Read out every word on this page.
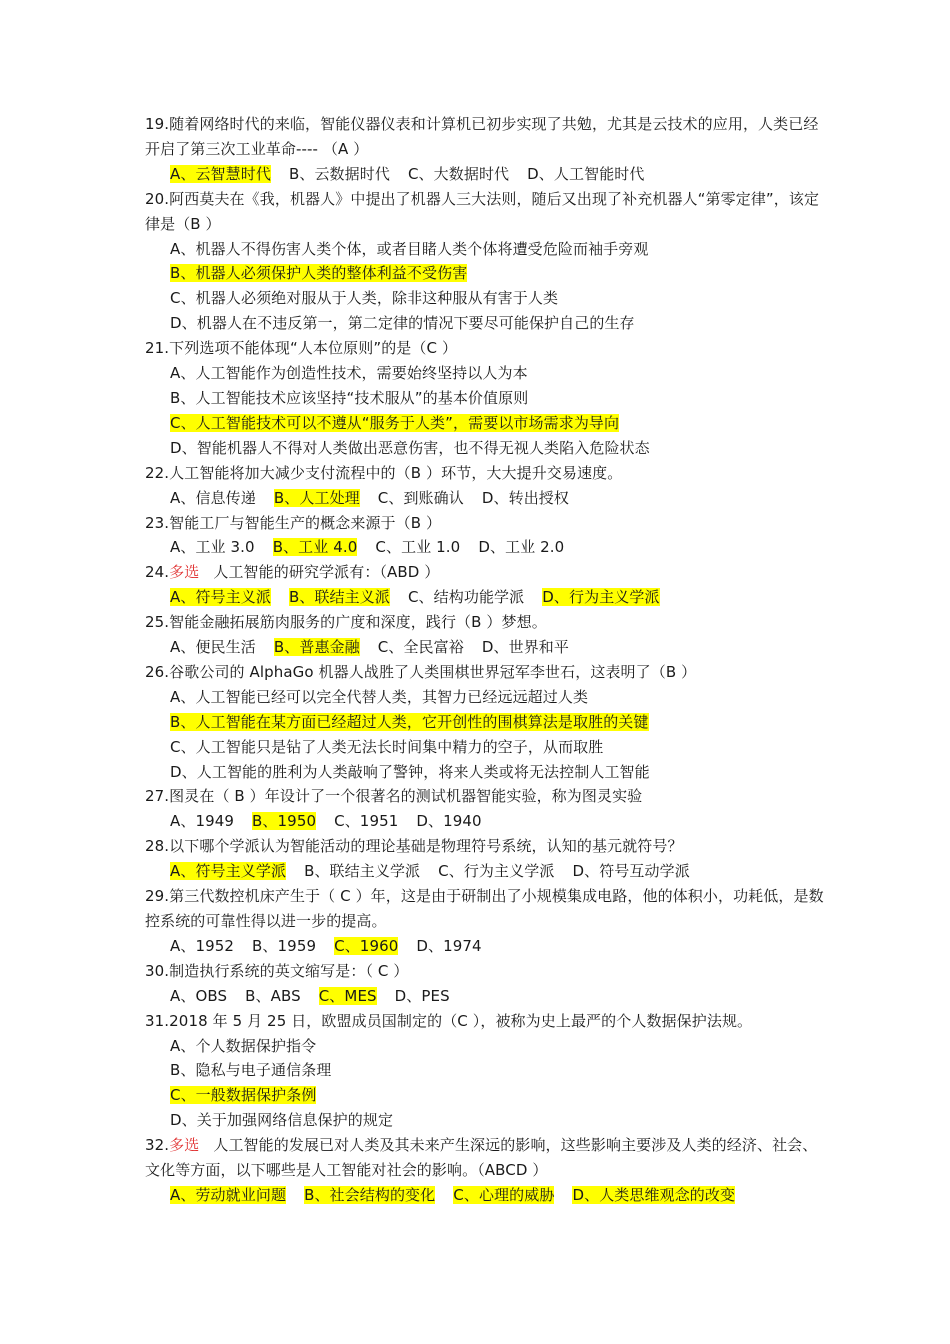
19.随着网络时代的来临，智能仪器仪表和计算机已初步实现了共勉，尤其是云技术的应用，人类已经开启了第三次工业革命---- （A ）
A、云智慧时代 B、云数据时代 C、大数据时代 D、人工智能时代
20.阿西莫夫在《我，机器人》中提出了机器人三大法则，随后又出现了补充机器人“第零定律”，该定律是（B ）
A、机器人不得伤害人类个体，或者目睹人类个体将遭受危险而袖手旁观
B、机器人必须保护人类的整体利益不受伤害
C、机器人必须绝对服从于人类，除非这种服从有害于人类
D、机器人在不违反第一，第二定律的情况下要尽可能保护自己的生存
21.下列选项不能体现“人本位原则”的是（C ）
A、人工智能作为创造性技术，需要始终坚持以人为本
B、人工智能技术应该坚持“技术服从”的基本价值原则
C、人工智能技术可以不遵从“服务于人类”，需要以市场需求为导向
D、智能机器人不得对人类做出恶意伤害，也不得无视人类陷入危险状态
22.人工智能将加大减少支付流程中的（B ）环节，大大提升交易速度。
A、信息传递 B、人工处理 C、到账确认 D、转出授权
23.智能工厂与智能生产的概念来源于（B ）
A、工业 3.0 B、工业 4.0 C、工业 1.0 D、工业 2.0
24.多选 人工智能的研究学派有：（ABD ）
A、符号主义派 B、联结主义派 C、结构功能学派 D、行为主义学派
25.智能金融拓展筋肉服务的广度和深度，践行（B ）梦想。
A、便民生活 B、普惠金融 C、全民富裕 D、世界和平
26.谷歌公司的 AlphaGo 机器人战胜了人类围棋世界冠军李世石，这表明了（B ）
A、人工智能已经可以完全代替人类，其智力已经远远超过人类
B、人工智能在某方面已经超过人类，它开创性的围棋算法是取胜的关键
C、人工智能只是钻了人类无法长时间集中精力的空子，从而取胜
D、人工智能的胜利为人类敲响了警钟，将来人类或将无法控制人工智能
27.图灵在（ B ）年设计了一个很著名的测试机器智能实验，称为图灵实验
A、1949 B、1950 C、1951 D、1940
28.以下哪个学派认为智能活动的理论基础是物理符号系统，认知的基元就符号？
A、符号主义学派 B、联结主义学派 C、行为主义学派 D、符号互动学派
29.第三代数控机床产生于（ C ）年，这是由于研制出了小规模集成电路，他的体积小，功耗低，是数控系统的可靠性得以进一步的提高。
A、1952 B、1959 C、1960 D、1974
30.制造执行系统的英文缩写是：（ C ）
A、OBS B、ABS C、MES D、PES
31.2018 年 5 月 25 日，欧盟成员国制定的（C ），被称为史上最严的个人数据保护法规。
A、个人数据保护指令
B、隐私与电子通信条理
C、一般数据保护条例
D、关于加强网络信息保护的规定
32.多选 人工智能的发展已对人类及其未来产生深远的影响，这些影响主要涉及人类的经济、社会、文化等方面，以下哪些是人工智能对社会的影响。（ABCD ）
A、劳动就业问题 B、社会结构的变化 C、心理的威胁 D、人类思维观念的改变
